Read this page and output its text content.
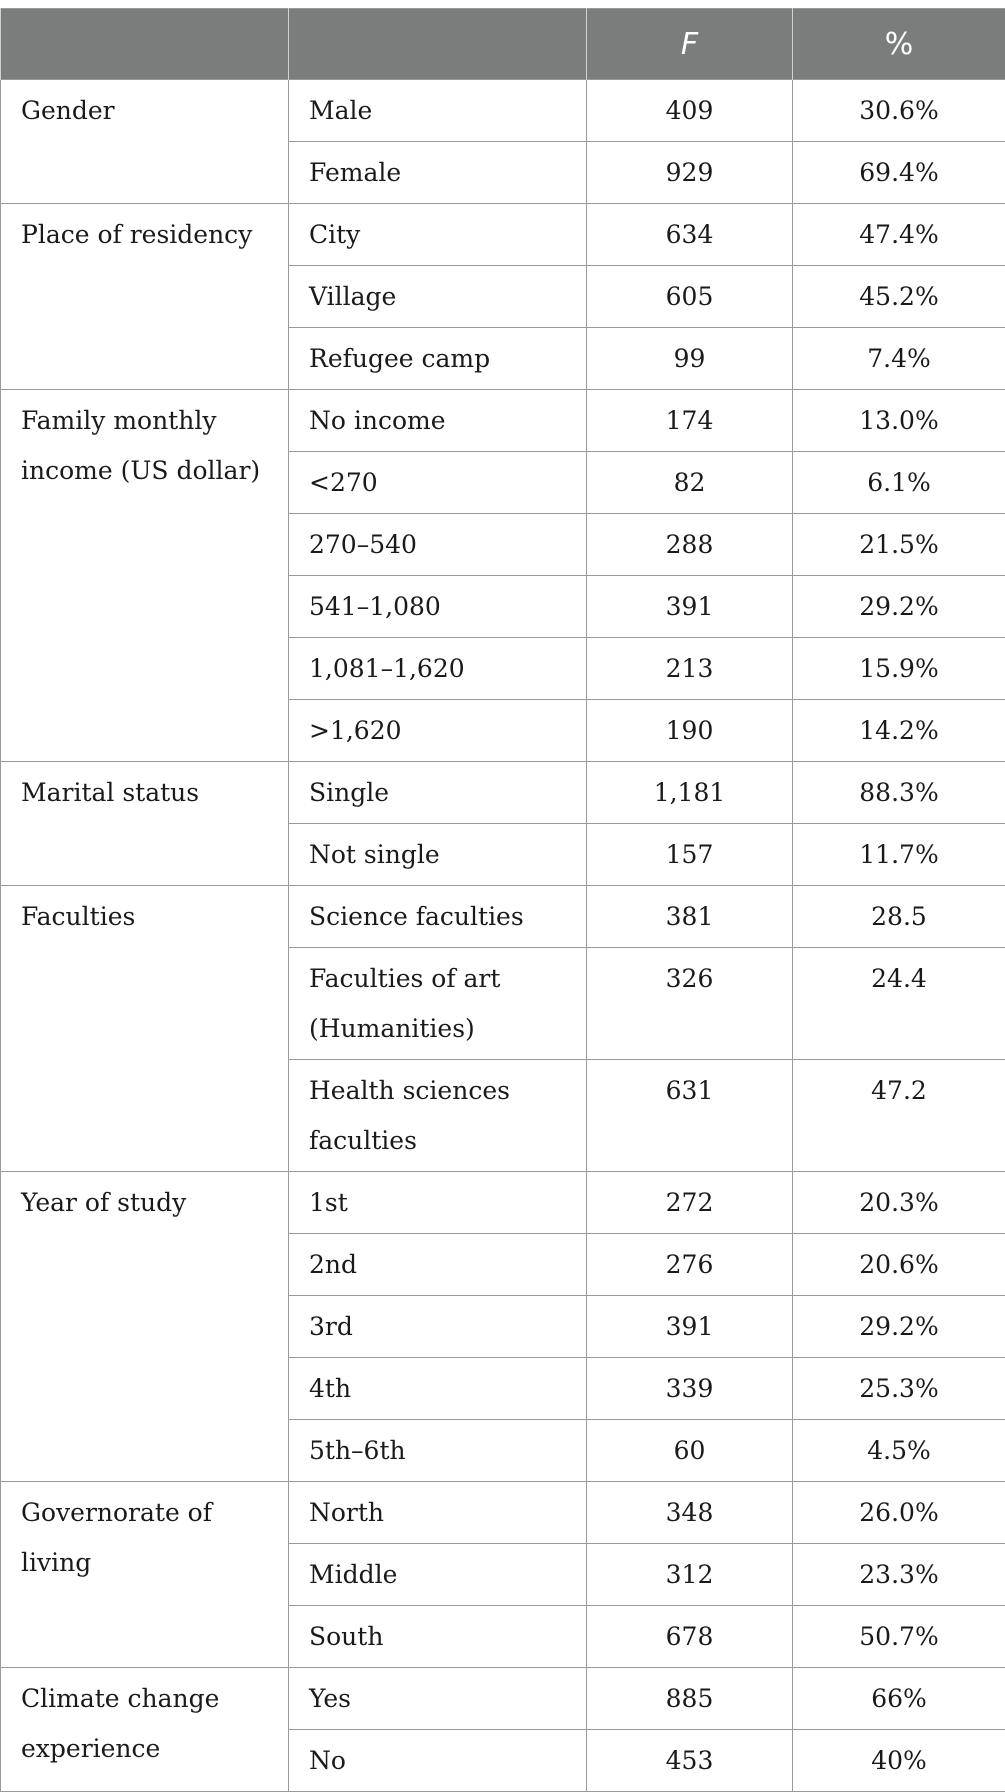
		F	%
Gender	Male	409	30.6%
	Female	929	69.4%
Place of residency	City	634	47.4%
	Village	605	45.2%
	Refugee camp	99	7.4%
Family monthly income (US dollar)	No income	174	13.0%
	<270	82	6.1%
	270–540	288	21.5%
	541–1,080	391	29.2%
	1,081–1,620	213	15.9%
	>1,620	190	14.2%
Marital status	Single	1,181	88.3%
	Not single	157	11.7%
Faculties	Science faculties	381	28.5
	Faculties of art (Humanities)	326	24.4
	Health sciences faculties	631	47.2
Year of study	1st	272	20.3%
	2nd	276	20.6%
	3rd	391	29.2%
	4th	339	25.3%
	5th–6th	60	4.5%
Governorate of living	North	348	26.0%
	Middle	312	23.3%
	South	678	50.7%
Climate change experience	Yes	885	66%
	No	453	40%
